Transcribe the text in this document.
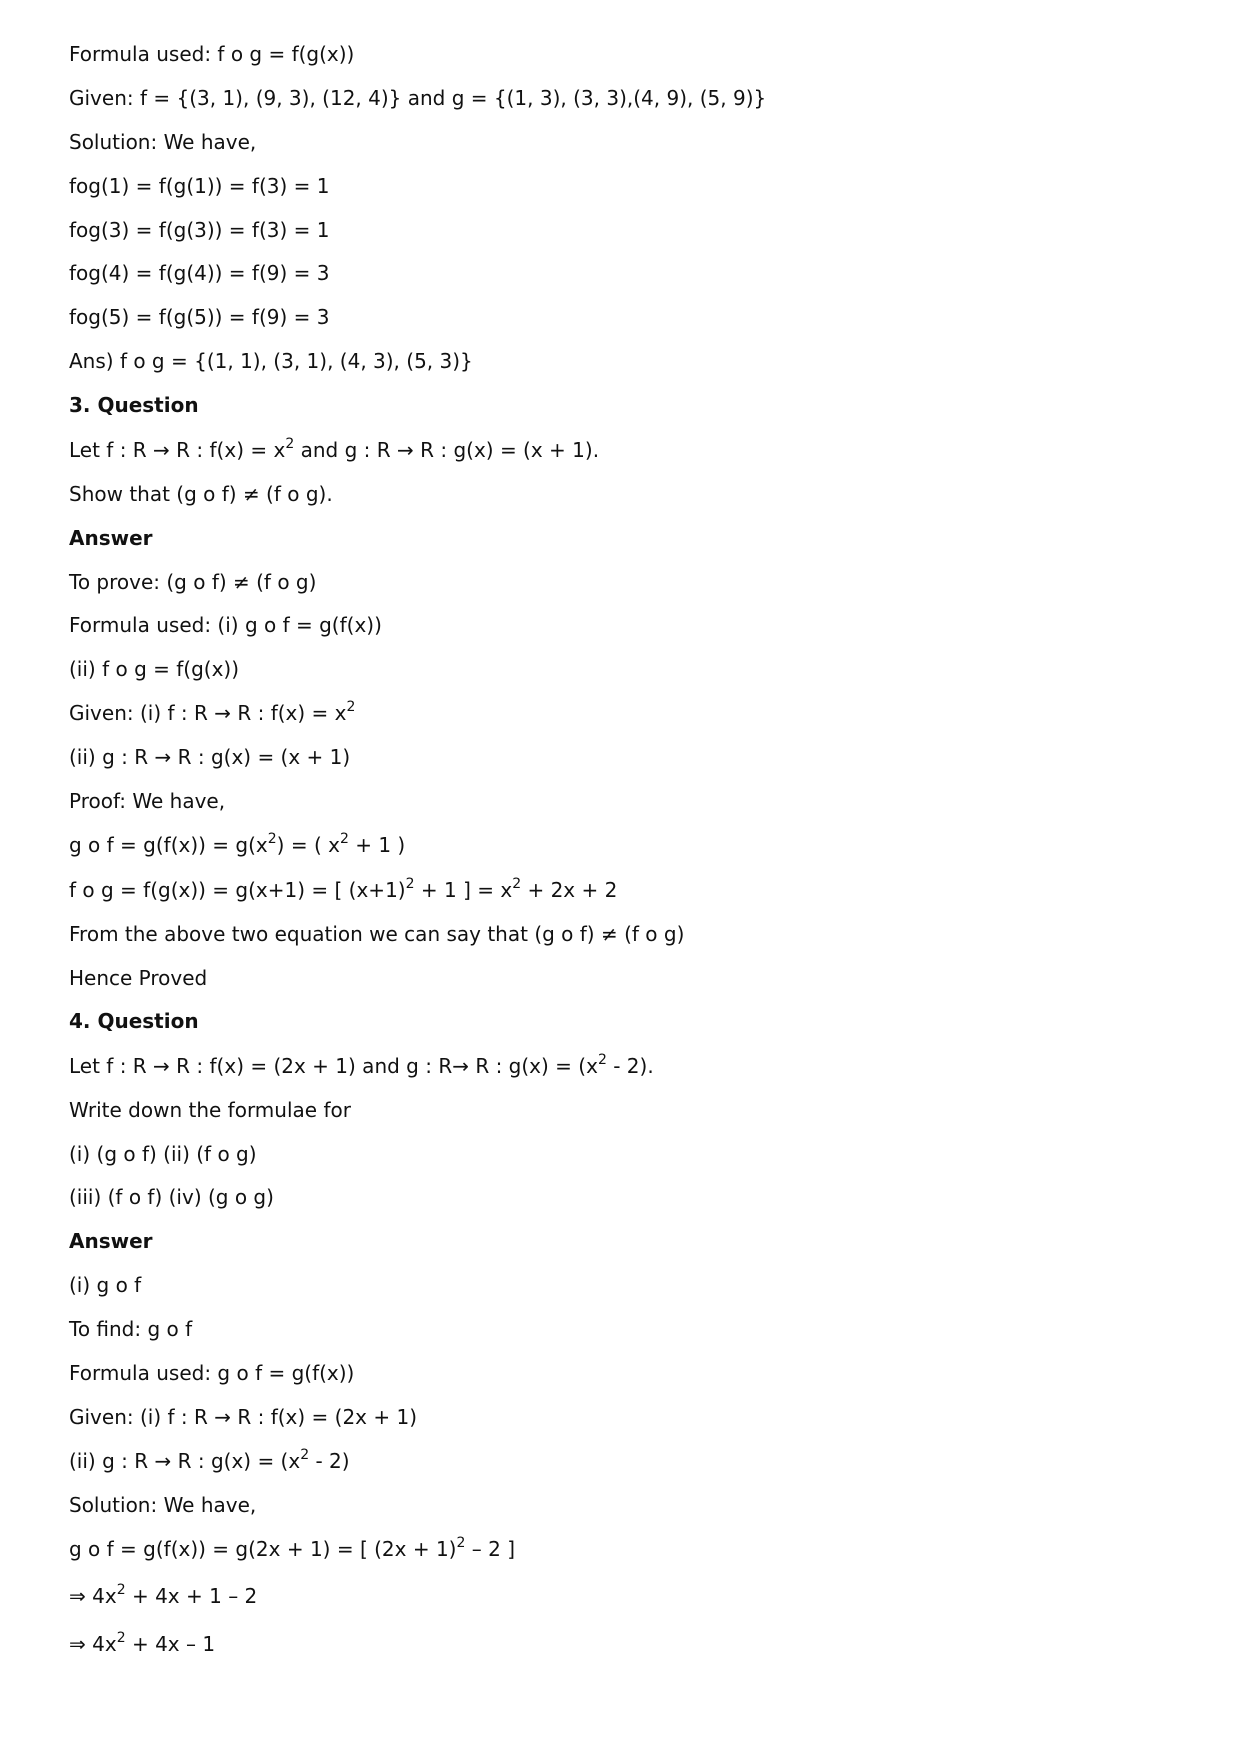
Formula used: f o g = f(g(x))
Given: f = {(3, 1), (9, 3), (12, 4)} and g = {(1, 3), (3, 3),(4, 9), (5, 9)}
Solution: We have,
fog(1) = f(g(1)) = f(3) = 1
fog(3) = f(g(3)) = f(3) = 1
fog(4) = f(g(4)) = f(9) = 3
fog(5) = f(g(5)) = f(9) = 3
Ans) f o g = {(1, 1), (3, 1), (4, 3), (5, 3)}
3. Question
Let f : R → R : $f(x) = x^2$ and g : R → R : g(x) = (x + 1).
Show that (g o f) ≠ (f o g).
Answer
To prove: (g o f) ≠ (f o g)
Formula used: (i) g o f = g(f(x))
(ii) f o g = f(g(x))
Given: (i) f : R → R : $f(x) = x^2$
(ii) g : R → R : g(x) = (x + 1)
Proof: We have,
g o $f = g(f(x)) = g(x^2)$ = ( $x^2 + 1$ )
f o g = f(g(x)) = g(x+1) = [ $(x+1)^2 + 1$ ] = $x^2 + 2x + 2$
From the above two equation we can say that (g o f) ≠ (f o g)
Hence Proved
4. Question
Let f : R → R : f(x) = (2x + 1) and g : R→ R : $g(x) = (x^2 - 2)$.
Write down the formulae for
(i) (g o f) (ii) (f o g)
(iii) (f o f) (iv) (g o g)
Answer
(i) g o f
To find: g o f
Formula used: g o f = g(f(x))
Given: (i) f : R → R : f(x) = (2x + 1)
(ii) g : R → R : $g(x) = (x^2 - 2)$
Solution: We have,
g o f = g(f(x)) = g(2x + 1) = [ $(2x + 1)^2 - 2$ ]
⇒ $4x^2 + 4x + 1 - 2$
⇒ $4x^2 + 4x - 1$
